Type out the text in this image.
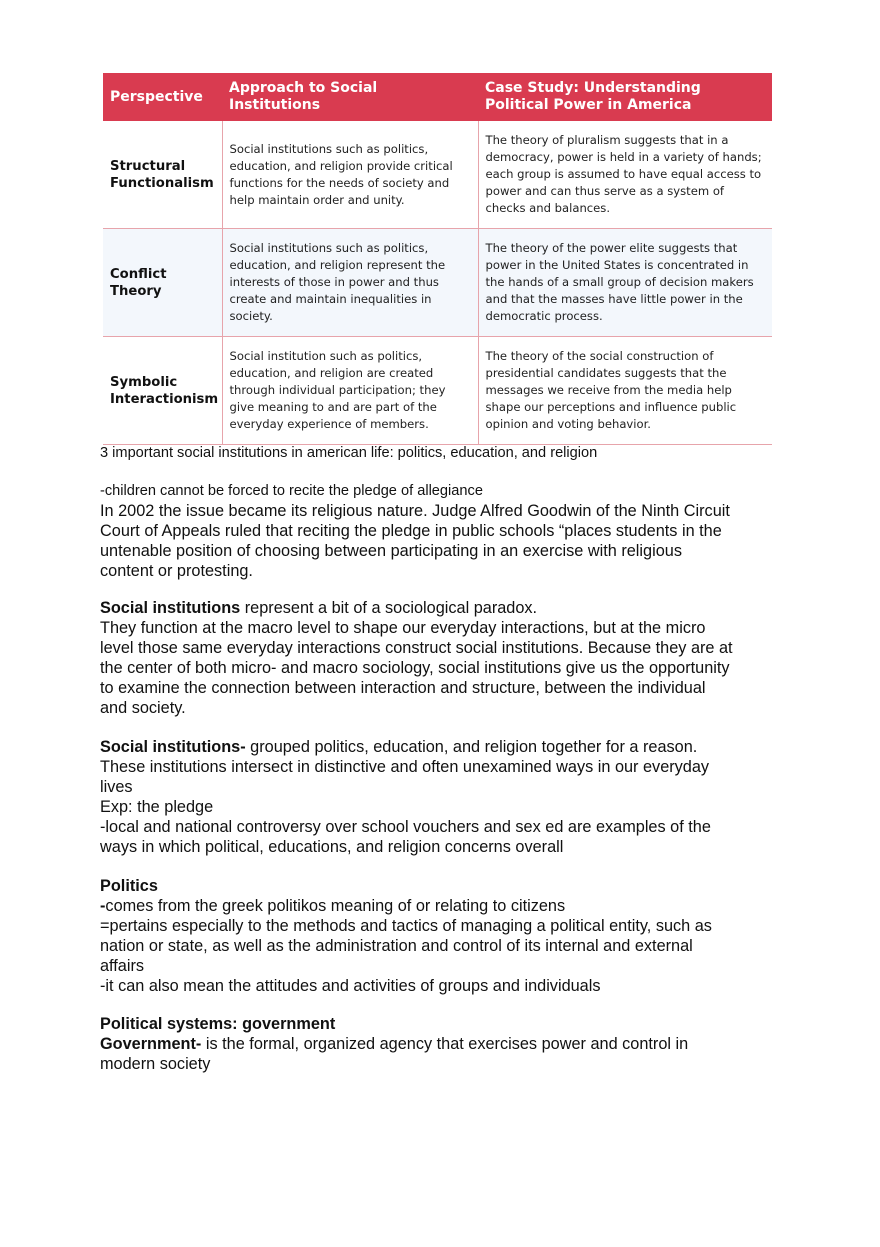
Perspective	Approach to Social Institutions	Case Study: Understanding Political Power in America
Structural Functionalism	Social institutions such as politics, education, and religion provide critical functions for the needs of society and help maintain order and unity.	The theory of pluralism suggests that in a democracy, power is held in a variety of hands; each group is assumed to have equal access to power and can thus serve as a system of checks and balances.
Conflict Theory	Social institutions such as politics, education, and religion represent the interests of those in power and thus create and maintain inequalities in society.	The theory of the power elite suggests that power in the United States is concentrated in the hands of a small group of decision makers and that the masses have little power in the democratic process.
Symbolic Interactionism	Social institution such as politics, education, and religion are created through individual participation; they give meaning to and are part of the everyday experience of members.	The theory of the social construction of presidential candidates suggests that the messages we receive from the media help shape our perceptions and influence public opinion and voting behavior.
3 important social institutions in american life: politics, education, and religion
-children cannot be forced to recite the pledge of allegiance
In 2002 the issue became its religious nature. Judge Alfred Goodwin of the Ninth Circuit
Court of Appeals ruled that reciting the pledge in public schools “places students in the
untenable position of choosing between participating in an exercise with religious
content or protesting.
Social institutions represent a bit of a sociological paradox.
They function at the macro level to shape our everyday interactions, but at the micro
level those same everyday interactions construct social institutions. Because they are at
the center of both micro- and macro sociology, social institutions give us the opportunity
to examine the connection between interaction and structure, between the individual
and society.
Social institutions- grouped politics, education, and religion together for a reason.
These institutions intersect in distinctive and often unexamined ways in our everyday
lives
Exp: the pledge
-local and national controversy over school vouchers and sex ed are examples of the
ways in which political, educations, and religion concerns overall
Politics
-comes from the greek politikos meaning of or relating to citizens
=pertains especially to the methods and tactics of managing a political entity, such as
nation or state, as well as the administration and control of its internal and external
affairs
-it can also mean the attitudes and activities of groups and individuals
Political systems: government
Government- is the formal, organized agency that exercises power and control in
modern society
